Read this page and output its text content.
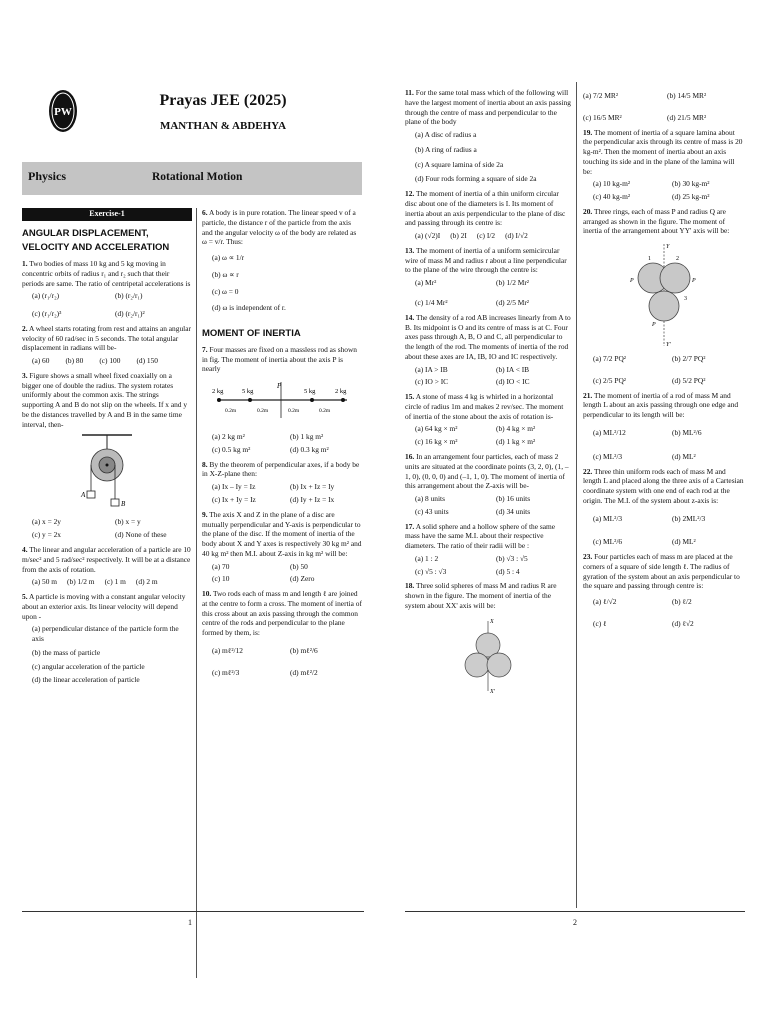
PW
Prayas JEE (2025)
MANTHAN & ABDEHYA
Physics	Rotational Motion
Exercise-1
ANGULAR DISPLACEMENT, VELOCITY AND ACCELERATION
1. Two bodies of mass 10 kg and 5 kg moving in concentric orbits of radius r₁ and r₂ such that their periods are same. The ratio of centripetal accelerations is
(a) (r₁/r₂)	(b) (r₂/r₁)
(c) (r₁/r₂)³	(d) (r₂/r₁)²
2. A wheel starts rotating from rest and attains an angular velocity of 60 rad/sec in 5 seconds. The total angular displacement in radians will be-
(a) 60 (b) 80 (c) 100 (d) 150
3. Figure shows a small wheel fixed coaxially on a bigger one of double the radius. The system rotates uniformly about the common axis. The strings supporting A and B do not slip on the wheels. If x and y be the distances travelled by A and B in the same time interval, then-
A
B
(a) x = 2y	(b) x = y
(c) y = 2x	(d) None of these
4. The linear and angular acceleration of a particle are 10 m/sec² and 5 rad/sec² respectively. It will be at a distance from the axis of rotation.
(a) 50 m (b) 1/2 m (c) 1 m (d) 2 m
5. A particle is moving with a constant angular velocity about an exterior axis. Its linear velocity will depend upon -
(a) perpendicular distance of the particle form the axis
(b) the mass of particle
(c) angular acceleration of the particle
(d) the linear acceleration of particle
6. A body is in pure rotation. The linear speed v of a particle, the distance r of the particle from the axis and the angular velocity ω of the body are related as ω = v/r. Thus:
(a) ω ∝ 1/r
(b) ω ∝ r
(c) ω = 0
(d) ω is independent of r.
MOMENT OF INERTIA
7. Four masses are fixed on a massless rod as shown in fig. The moment of inertia about the axis P is nearly
2 kg	5 kg
P
5 kg	2 kg
0.2m	0.2m	0.2m	0.2m
(a) 2 kg m²	(b) 1 kg m²
(c) 0.5 kg m²	(d) 0.3 kg m²
8. By the theorem of perpendicular axes, if a body be in X-Z-plane then:
(a) Ix – Iy = Iz	(b) Ix + Iz = Iy
(c) Ix + Iy = Iz	(d) Iy + Iz = Ix
9. The axis X and Z in the plane of a disc are mutually perpendicular and Y-axis is perpendicular to the plane of the disc. If the moment of inertia of the body about X and Y axes is respectively 30 kg m² and 40 kg m² then M.I. about Z-axis in kg m² will be:
(a) 70	(b) 50
(c) 10	(d) Zero
10. Two rods each of mass m and length ℓ are joined at the centre to form a cross. The moment of inertia of this cross about an axis passing through the common centre of the rods and perpendicular to the plane formed by them, is:
(a) mℓ²/12	(b) mℓ²/6
(c) mℓ²/3	(d) mℓ²/2
1
11. For the same total mass which of the following will have the largest moment of inertia about an axis passing through the centre of mass and perpendicular to the plane of the body
(a) A disc of radius a
(b) A ring of radius a
(c) A square lamina of side 2a
(d) Four rods forming a square of side 2a
12. The moment of inertia of a thin uniform circular disc about one of the diameters is I. Its moment of inertia about an axis perpendicular to the plane of disc and passing through its centre is:
(a) (√2)I (b) 2I (c) I/2 (d) I/√2
13. The moment of inertia of a uniform semicircular wire of mass M and radius r about a line perpendicular to the plane of the wire through the centre is:
(a) Mr²	(b) 1/2 Mr²
(c) 1/4 Mr²	(d) 2/5 Mr²
14. The density of a rod AB increases linearly from A to B. Its midpoint is O and its centre of mass is at C. Four axes pass through A, B, O and C, all perpendicular to the length of the rod. The moments of inertia of the rod about these axes are IA, IB, IO and IC respectively.
(a) IA > IB	(b) IA < IB
(c) IO > IC	(d) IO < IC
15. A stone of mass 4 kg is whirled in a horizontal circle of radius 1m and makes 2 rev/sec. The moment of inertia of the stone about the axis of rotation is-
(a) 64 kg × m²	(b) 4 kg × m²
(c) 16 kg × m²	(d) 1 kg × m²
16. In an arrangement four particles, each of mass 2 units are situated at the coordinate points (3, 2, 0), (1, –1, 0), (0, 0, 0) and (–1, 1, 0). The moment of inertia of this arrangement about the Z-axis will be-
(a) 8 units	(b) 16 units
(c) 43 units	(d) 34 units
17. A solid sphere and a hollow sphere of the same mass have the same M.I. about their respective diameters. The ratio of their radii will be :
(a) 1 : 2	(b) √3 : √5
(c) √5 : √3	(d) 5 : 4
18. Three solid spheres of mass M and radius R are shown in the figure. The moment of inertia of the system about XX' axis will be:
X
X'
(a) 7/2 MR²	(b) 14/5 MR²
(c) 16/5 MR²	(d) 21/5 MR²
19. The moment of inertia of a square lamina about the perpendicular axis through its centre of mass is 20 kg-m². Then the moment of inertia about an axis touching its side and in the plane of the lamina will be:
(a) 10 kg-m²	(b) 30 kg-m²
(c) 40 kg-m²	(d) 25 kg-m²
20. Three rings, each of mass P and radius Q are arranged as shown in the figure. The moment of inertia of the arrangement about YY' axis will be:
Y
Y'
1	2
3
P	P
P
(a) 7/2 PQ²	(b) 2/7 PQ²
(c) 2/5 PQ²	(d) 5/2 PQ²
21. The moment of inertia of a rod of mass M and length L about an axis passing through one edge and perpendicular to its length will be:
(a) ML²/12	(b) ML²/6
(c) ML²/3	(d) ML²
22. Three thin uniform rods each of mass M and length L and placed along the three axis of a Cartesian coordinate system with one end of each rod at the origin. The M.I. of the system about z-axis is:
(a) ML²/3	(b) 2ML²/3
(c) ML²/6	(d) ML²
23. Four particles each of mass m are placed at the corners of a square of side length ℓ. The radius of gyration of the system about an axis perpendicular to the square and passing through centre is:
(a) ℓ/√2	(b) ℓ/2
(c) ℓ	(d) ℓ√2
2
